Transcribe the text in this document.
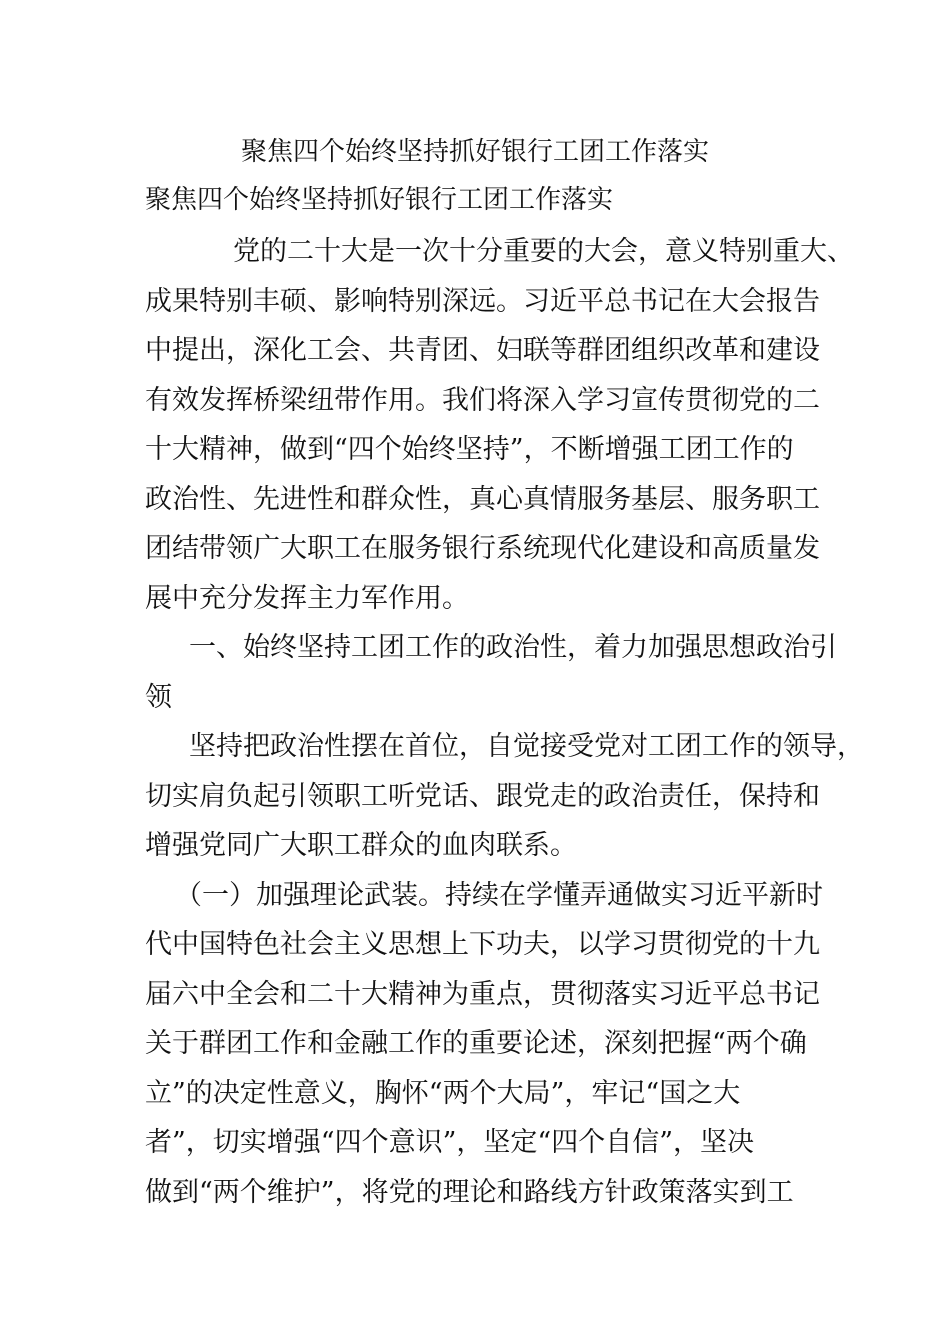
聚焦四个始终坚持抓好银行工团工作落实
聚焦四个始终坚持抓好银行工团工作落实
党的二十大是一次十分重要的大会，意义特别重大、
成果特别丰硕、影响特别深远。习近平总书记在大会报告
中提出，深化工会、共青团、妇联等群团组织改革和建设
有效发挥桥梁纽带作用。我们将深入学习宣传贯彻党的二
十大精神，做到“四个始终坚持”，不断增强工团工作的
政治性、先进性和群众性，真心真情服务基层、服务职工
团结带领广大职工在服务银行系统现代化建设和高质量发
展中充分发挥主力军作用。
一、始终坚持工团工作的政治性，着力加强思想政治引
领
坚持把政治性摆在首位，自觉接受党对工团工作的领导，
切实肩负起引领职工听党话、跟党走的政治责任，保持和
增强党同广大职工群众的血肉联系。
（一）加强理论武装。持续在学懂弄通做实习近平新时
代中国特色社会主义思想上下功夫，以学习贯彻党的十九
届六中全会和二十大精神为重点，贯彻落实习近平总书记
关于群团工作和金融工作的重要论述，深刻把握“两个确
立”的决定性意义，胸怀“两个大局”，牢记“国之大
者”，切实增强“四个意识”，坚定“四个自信”，坚决
做到“两个维护”，将党的理论和路线方针政策落实到工
